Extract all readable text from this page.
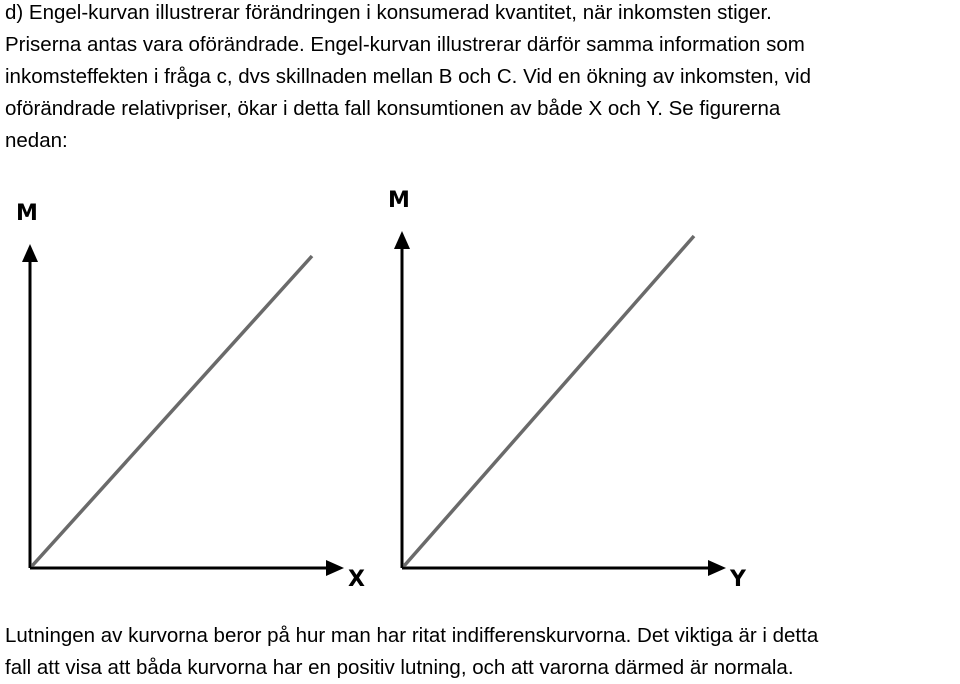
d) Engel-kurvan illustrerar förändringen i konsumerad kvantitet, när inkomsten stiger.
Priserna antas vara oförändrade. Engel-kurvan illustrerar därför samma information som
inkomsteffekten i fråga c, dvs skillnaden mellan B och C. Vid en ökning av inkomsten, vid
oförändrade relativpriser, ökar i detta fall konsumtionen av både X och Y. Se figurerna
nedan:
M
X
M
Y
Lutningen av kurvorna beror på hur man har ritat indifferenskurvorna. Det viktiga är i detta
fall att visa att båda kurvorna har en positiv lutning, och att varorna därmed är normala.
